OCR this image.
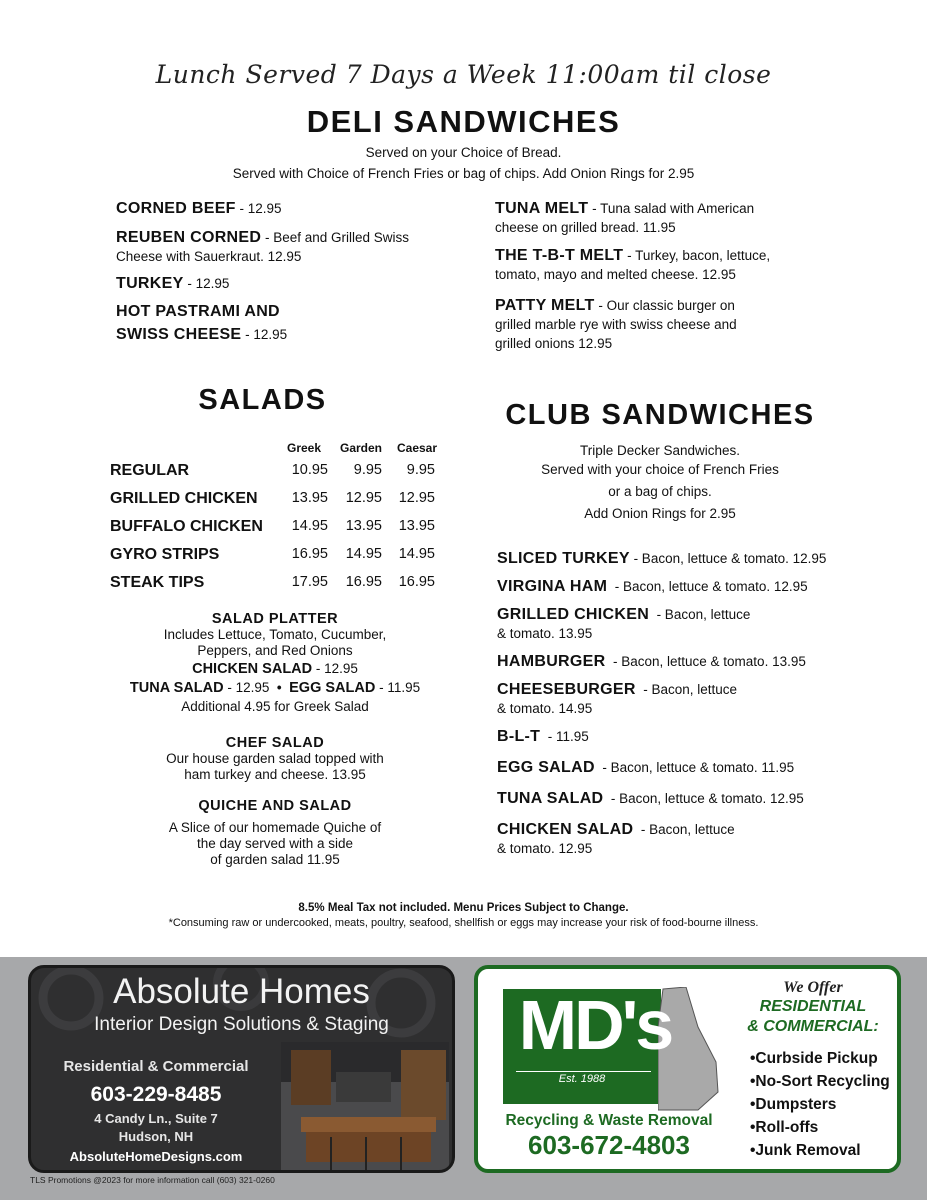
Lunch Served 7 Days a Week 11:00am til close
DELI SANDWICHES
Served on your Choice of Bread.
Served with Choice of French Fries or bag of chips. Add Onion Rings for 2.95
CORNED BEEF - 12.95
REUBEN CORNED - Beef and Grilled Swiss
Cheese with Sauerkraut. 12.95
TURKEY - 12.95
HOT PASTRAMI AND
SWISS CHEESE - 12.95
TUNA MELT - Tuna salad with American
cheese on grilled bread. 11.95
THE T-B-T MELT - Turkey, bacon, lettuce,
tomato, mayo and melted cheese. 12.95
PATTY MELT - Our classic burger on
grilled marble rye with swiss cheese and
grilled onions 12.95
SALADS
Greek	Garden	Caesar
REGULAR	10.95	9.95	9.95
GRILLED CHICKEN	13.95	12.95	12.95
BUFFALO CHICKEN	14.95	13.95	13.95
GYRO STRIPS	16.95	14.95	14.95
STEAK TIPS	17.95	16.95	16.95
SALAD PLATTER
Includes Lettuce, Tomato, Cucumber,
Peppers, and Red Onions
CHICKEN SALAD - 12.95
TUNA SALAD - 12.95  •  EGG SALAD - 11.95
Additional 4.95 for Greek Salad
CHEF SALAD
Our house garden salad topped with
ham turkey and cheese. 13.95
QUICHE AND SALAD
A Slice of our homemade Quiche of
the day served with a side
of garden salad 11.95
CLUB SANDWICHES
Triple Decker Sandwiches.
Served with your choice of French Fries
or a bag of chips.
Add Onion Rings for 2.95
SLICED TURKEY - Bacon, lettuce & tomato. 12.95
VIRGINA HAM  - Bacon, lettuce & tomato. 12.95
GRILLED CHICKEN  - Bacon, lettuce
& tomato. 13.95
HAMBURGER  - Bacon, lettuce & tomato. 13.95
CHEESEBURGER  - Bacon, lettuce
& tomato. 14.95
B-L-T  - 11.95
EGG SALAD  - Bacon, lettuce & tomato. 11.95
TUNA SALAD  - Bacon, lettuce & tomato. 12.95
CHICKEN SALAD  - Bacon, lettuce
& tomato. 12.95
8.5% Meal Tax not included. Menu Prices Subject to Change.
*Consuming raw or undercooked, meats, poultry, seafood, shellfish or eggs may increase your risk of food-bourne illness.
Absolute Homes
Interior Design Solutions & Staging
Residential & Commercial
603-229-8485
4 Candy Ln., Suite 7
Hudson, NH
AbsoluteHomeDesigns.com
MD's
Est. 1988
Recycling & Waste Removal
603-672-4803
We Offer
RESIDENTIAL
& COMMERCIAL:
•Curbside Pickup
•No-Sort Recycling
•Dumpsters
•Roll-offs
•Junk Removal
TLS Promotions @2023 for more information call (603) 321-0260
